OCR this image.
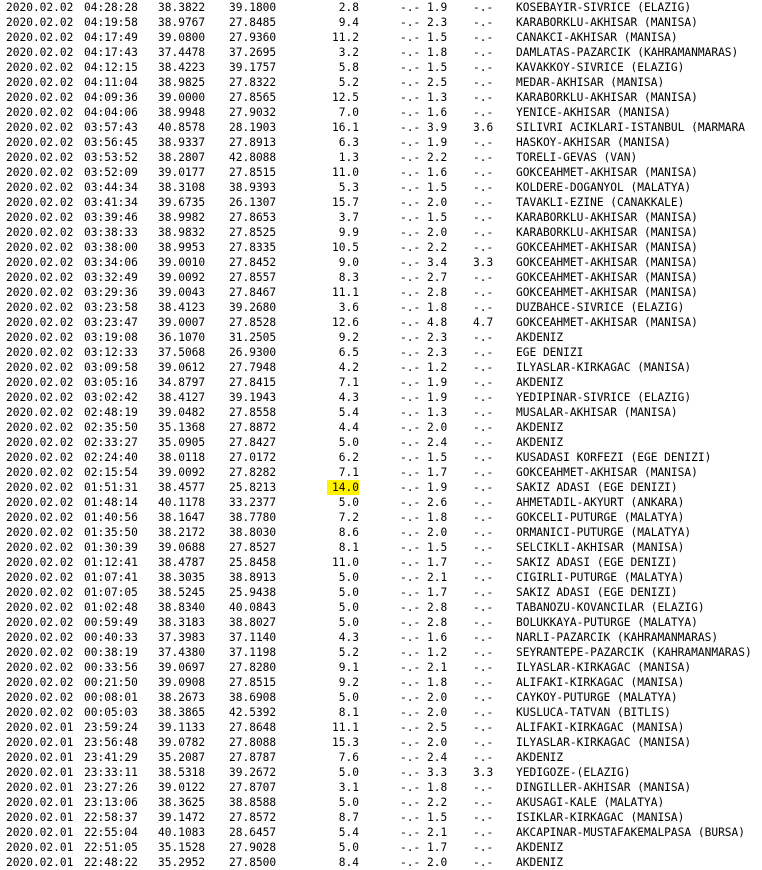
2020.02.02 04:28:28 38.3822 39.1800	2.8	-.- 1.9 -.- KOSEBAYIR-SIVRICE (ELAZIG)
2020.02.02 04:19:58 38.9767 27.8485	9.4	-.- 2.3 -.- KARABORKLU-AKHISAR (MANISA)
2020.02.02 04:17:49 39.0800 27.9360	11.2	-.- 1.5 -.- CANAKCI-AKHISAR (MANISA)
2020.02.02 04:17:43 37.4478 37.2695	3.2	-.- 1.8 -.- DAMLATAS-PAZARCIK (KAHRAMANMARAS)
2020.02.02 04:12:15 38.4223 39.1757	5.8	-.- 1.5 -.- KAVAKKOY-SIVRICE (ELAZIG)
2020.02.02 04:11:04 38.9825 27.8322	5.2	-.- 2.5 -.- MEDAR-AKHISAR (MANISA)
2020.02.02 04:09:36 39.0000 27.8565	12.5	-.- 1.3 -.- KARABORKLU-AKHISAR (MANISA)
2020.02.02 04:04:06 38.9948 27.9032	7.0	-.- 1.6 -.- YENICE-AKHISAR (MANISA)
2020.02.02 03:57:43 40.8578 28.1903	16.1	-.- 3.9 3.6 SILIVRI ACIKLARI-ISTANBUL (MARMARA
2020.02.02 03:56:45 38.9337 27.8913	6.3	-.- 1.9 -.- HASKOY-AKHISAR (MANISA)
2020.02.02 03:53:52 38.2807 42.8088	1.3	-.- 2.2 -.- TORELI-GEVAS (VAN)
2020.02.02 03:52:09 39.0177 27.8515	11.0	-.- 1.6 -.- GOKCEAHMET-AKHISAR (MANISA)
2020.02.02 03:44:34 38.3108 38.9393	5.3	-.- 1.5 -.- KOLDERE-DOGANYOL (MALATYA)
2020.02.02 03:41:34 39.6735 26.1307	15.7	-.- 2.0 -.- TAVAKLI-EZINE (CANAKKALE)
2020.02.02 03:39:46 38.9982 27.8653	3.7	-.- 1.5 -.- KARABORKLU-AKHISAR (MANISA)
2020.02.02 03:38:33 38.9832 27.8525	9.9	-.- 2.0 -.- KARABORKLU-AKHISAR (MANISA)
2020.02.02 03:38:00 38.9953 27.8335	10.5	-.- 2.2 -.- GOKCEAHMET-AKHISAR (MANISA)
2020.02.02 03:34:06 39.0010 27.8452	9.0	-.- 3.4 3.3 GOKCEAHMET-AKHISAR (MANISA)
2020.02.02 03:32:49 39.0092 27.8557	8.3	-.- 2.7 -.- GOKCEAHMET-AKHISAR (MANISA)
2020.02.02 03:29:36 39.0043 27.8467	11.1	-.- 2.8 -.- GOKCEAHMET-AKHISAR (MANISA)
2020.02.02 03:23:58 38.4123 39.2680	3.6	-.- 1.8 -.- DUZBAHCE-SIVRICE (ELAZIG)
2020.02.02 03:23:47 39.0007 27.8528	12.6	-.- 4.8 4.7 GOKCEAHMET-AKHISAR (MANISA)
2020.02.02 03:19:08 36.1070 31.2505	9.2	-.- 2.3 -.- AKDENIZ
2020.02.02 03:12:33 37.5068 26.9300	6.5	-.- 2.3 -.- EGE DENIZI
2020.02.02 03:09:58 39.0612 27.7948	4.2	-.- 1.2 -.- ILYASLAR-KIRKAGAC (MANISA)
2020.02.02 03:05:16 34.8797 27.8415	7.1	-.- 1.9 -.- AKDENIZ
2020.02.02 03:02:42 38.4127 39.1943	4.3	-.- 1.9 -.- YEDIPINAR-SIVRICE (ELAZIG)
2020.02.02 02:48:19 39.0482 27.8558	5.4	-.- 1.3 -.- MUSALAR-AKHISAR (MANISA)
2020.02.02 02:35:50 35.1368 27.8872	4.4	-.- 2.0 -.- AKDENIZ
2020.02.02 02:33:27 35.0905 27.8427	5.0	-.- 2.4 -.- AKDENIZ
2020.02.02 02:24:40 38.0118 27.0172	6.2	-.- 1.5 -.- KUSADASI KORFEZI (EGE DENIZI)
2020.02.02 02:15:54 39.0092 27.8282	7.1	-.- 1.7 -.- GOKCEAHMET-AKHISAR (MANISA)
2020.02.02 01:51:31 38.4577 25.8213	14.0	-.- 1.9 -.- SAKIZ ADASI (EGE DENIZI)
2020.02.02 01:48:14 40.1178 33.2377	5.0	-.- 2.6 -.- AHMETADIL-AKYURT (ANKARA)
2020.02.02 01:40:56 38.1647 38.7780	7.2	-.- 1.8 -.- GOKCELI-PUTURGE (MALATYA)
2020.02.02 01:35:50 38.2172 38.8030	8.6	-.- 2.0 -.- ORMANICI-PUTURGE (MALATYA)
2020.02.02 01:30:39 39.0688 27.8527	8.1	-.- 1.5 -.- SELCIKLI-AKHISAR (MANISA)
2020.02.02 01:12:41 38.4787 25.8458	11.0	-.- 1.7 -.- SAKIZ ADASI (EGE DENIZI)
2020.02.02 01:07:41 38.3035 38.8913	5.0	-.- 2.1 -.- CIGIRLI-PUTURGE (MALATYA)
2020.02.02 01:07:05 38.5245 25.9438	5.0	-.- 1.7 -.- SAKIZ ADASI (EGE DENIZI)
2020.02.02 01:02:48 38.8340 40.0843	5.0	-.- 2.8 -.- TABANOZU-KOVANCILAR (ELAZIG)
2020.02.02 00:59:49 38.3183 38.8027	5.0	-.- 2.8 -.- BOLUKKAYA-PUTURGE (MALATYA)
2020.02.02 00:40:33 37.3983 37.1140	4.3	-.- 1.6 -.- NARLI-PAZARCIK (KAHRAMANMARAS)
2020.02.02 00:38:19 37.4380 37.1198	5.2	-.- 1.2 -.- SEYRANTEPE-PAZARCIK (KAHRAMANMARAS)
2020.02.02 00:33:56 39.0697 27.8280	9.1	-.- 2.1 -.- ILYASLAR-KIRKAGAC (MANISA)
2020.02.02 00:21:50 39.0908 27.8515	9.2	-.- 1.8 -.- ALIFAKI-KIRKAGAC (MANISA)
2020.02.02 00:08:01 38.2673 38.6908	5.0	-.- 2.0 -.- CAYKOY-PUTURGE (MALATYA)
2020.02.02 00:05:03 38.3865 42.5392	8.1	-.- 2.0 -.- KUSLUCA-TATVAN (BITLIS)
2020.02.01 23:59:24 39.1133 27.8648	11.1	-.- 2.5 -.- ALIFAKI-KIRKAGAC (MANISA)
2020.02.01 23:56:48 39.0782 27.8088	15.3	-.- 2.0 -.- ILYASLAR-KIRKAGAC (MANISA)
2020.02.01 23:41:29 35.2087 27.8787	7.6	-.- 2.4 -.- AKDENIZ
2020.02.01 23:33:11 38.5318 39.2672	5.0	-.- 3.3 3.3 YEDIGOZE-(ELAZIG)
2020.02.01 23:27:26 39.0122 27.8707	3.1	-.- 1.8 -.- DINGILLER-AKHISAR (MANISA)
2020.02.01 23:13:06 38.3625 38.8588	5.0	-.- 2.2 -.- AKUSAGI-KALE (MALATYA)
2020.02.01 22:58:37 39.1472 27.8572	8.7	-.- 1.5 -.- ISIKLAR-KIRKAGAC (MANISA)
2020.02.01 22:55:04 40.1083 28.6457	5.4	-.- 2.1 -.- AKCAPINAR-MUSTAFAKEMALPASA (BURSA)
2020.02.01 22:51:05 35.1528 27.9028	5.0	-.- 1.7 -.- AKDENIZ
2020.02.01 22:48:22 35.2952 27.8500	8.4	-.- 2.0 -.- AKDENIZ
